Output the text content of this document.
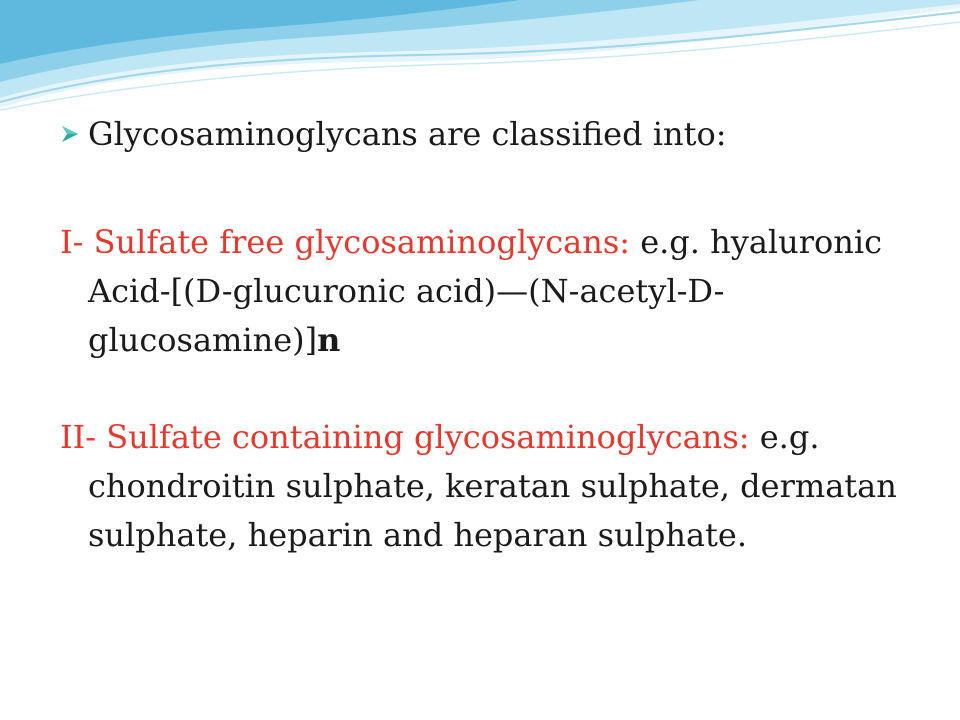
Glycosaminoglycans are classified into:
I- Sulfate free glycosaminoglycans: e.g. hyaluronic Acid-[(D-glucuronic acid)—(N-acetyl-D-glucosamine)]n
II- Sulfate containing glycosaminoglycans: e.g. chondroitin sulphate, keratan sulphate, dermatan sulphate, heparin and heparan sulphate.
